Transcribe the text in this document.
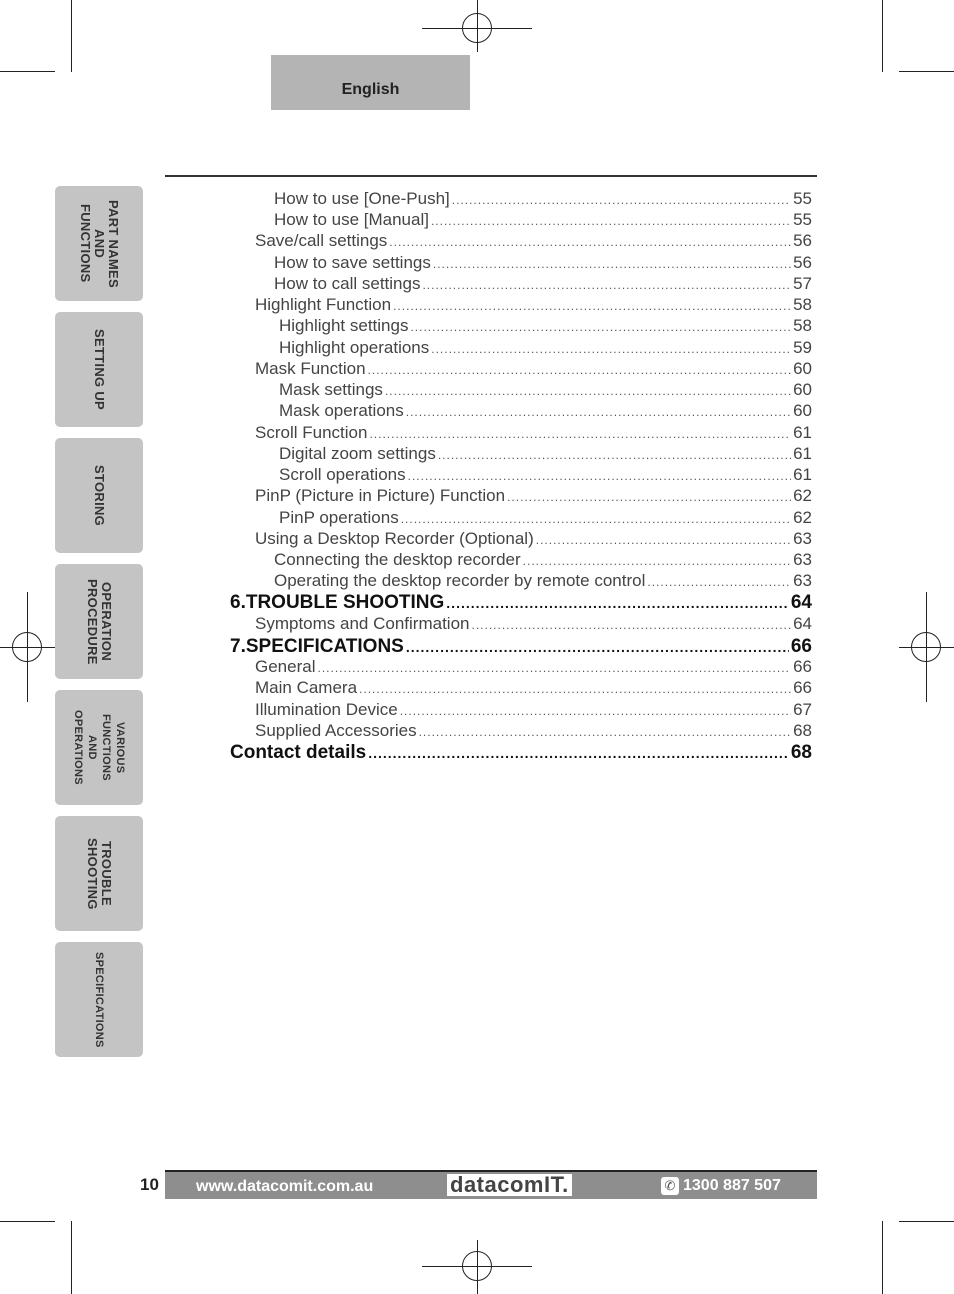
English
PART NAMES
AND
FUNCTIONS
SETTING UP
STORING
OPERATION
PROCEDURE
VARIOUS
FUNCTIONS
AND
OPERATIONS
TROUBLE
SHOOTING
SPECIFICATIONS
How to use [One-Push] .....	55
How to use [Manual] .....	55
Save/call settings .....	56
How to save settings .....	56
How to call settings .....	57
Highlight Function .....	58
Highlight settings .....	58
Highlight operations .....	59
Mask Function .....	60
Mask settings .....	60
Mask operations .....	60
Scroll Function .....	61
Digital zoom settings .....	61
Scroll operations .....	61
PinP (Picture in Picture) Function .....	62
PinP operations .....	62
Using a Desktop Recorder (Optional) .....	63
Connecting the desktop recorder .....	63
Operating the desktop recorder by remote control .....	63
6.TROUBLE SHOOTING .....	64
Symptoms and Confirmation .....	64
7.SPECIFICATIONS .....	66
General .....	66
Main Camera .....	66
Illumination Device .....	67
Supplied Accessories .....	68
Contact details .....	68
10 www.datacomit.com.au	datacomIT.	✆ 1300 887 507
